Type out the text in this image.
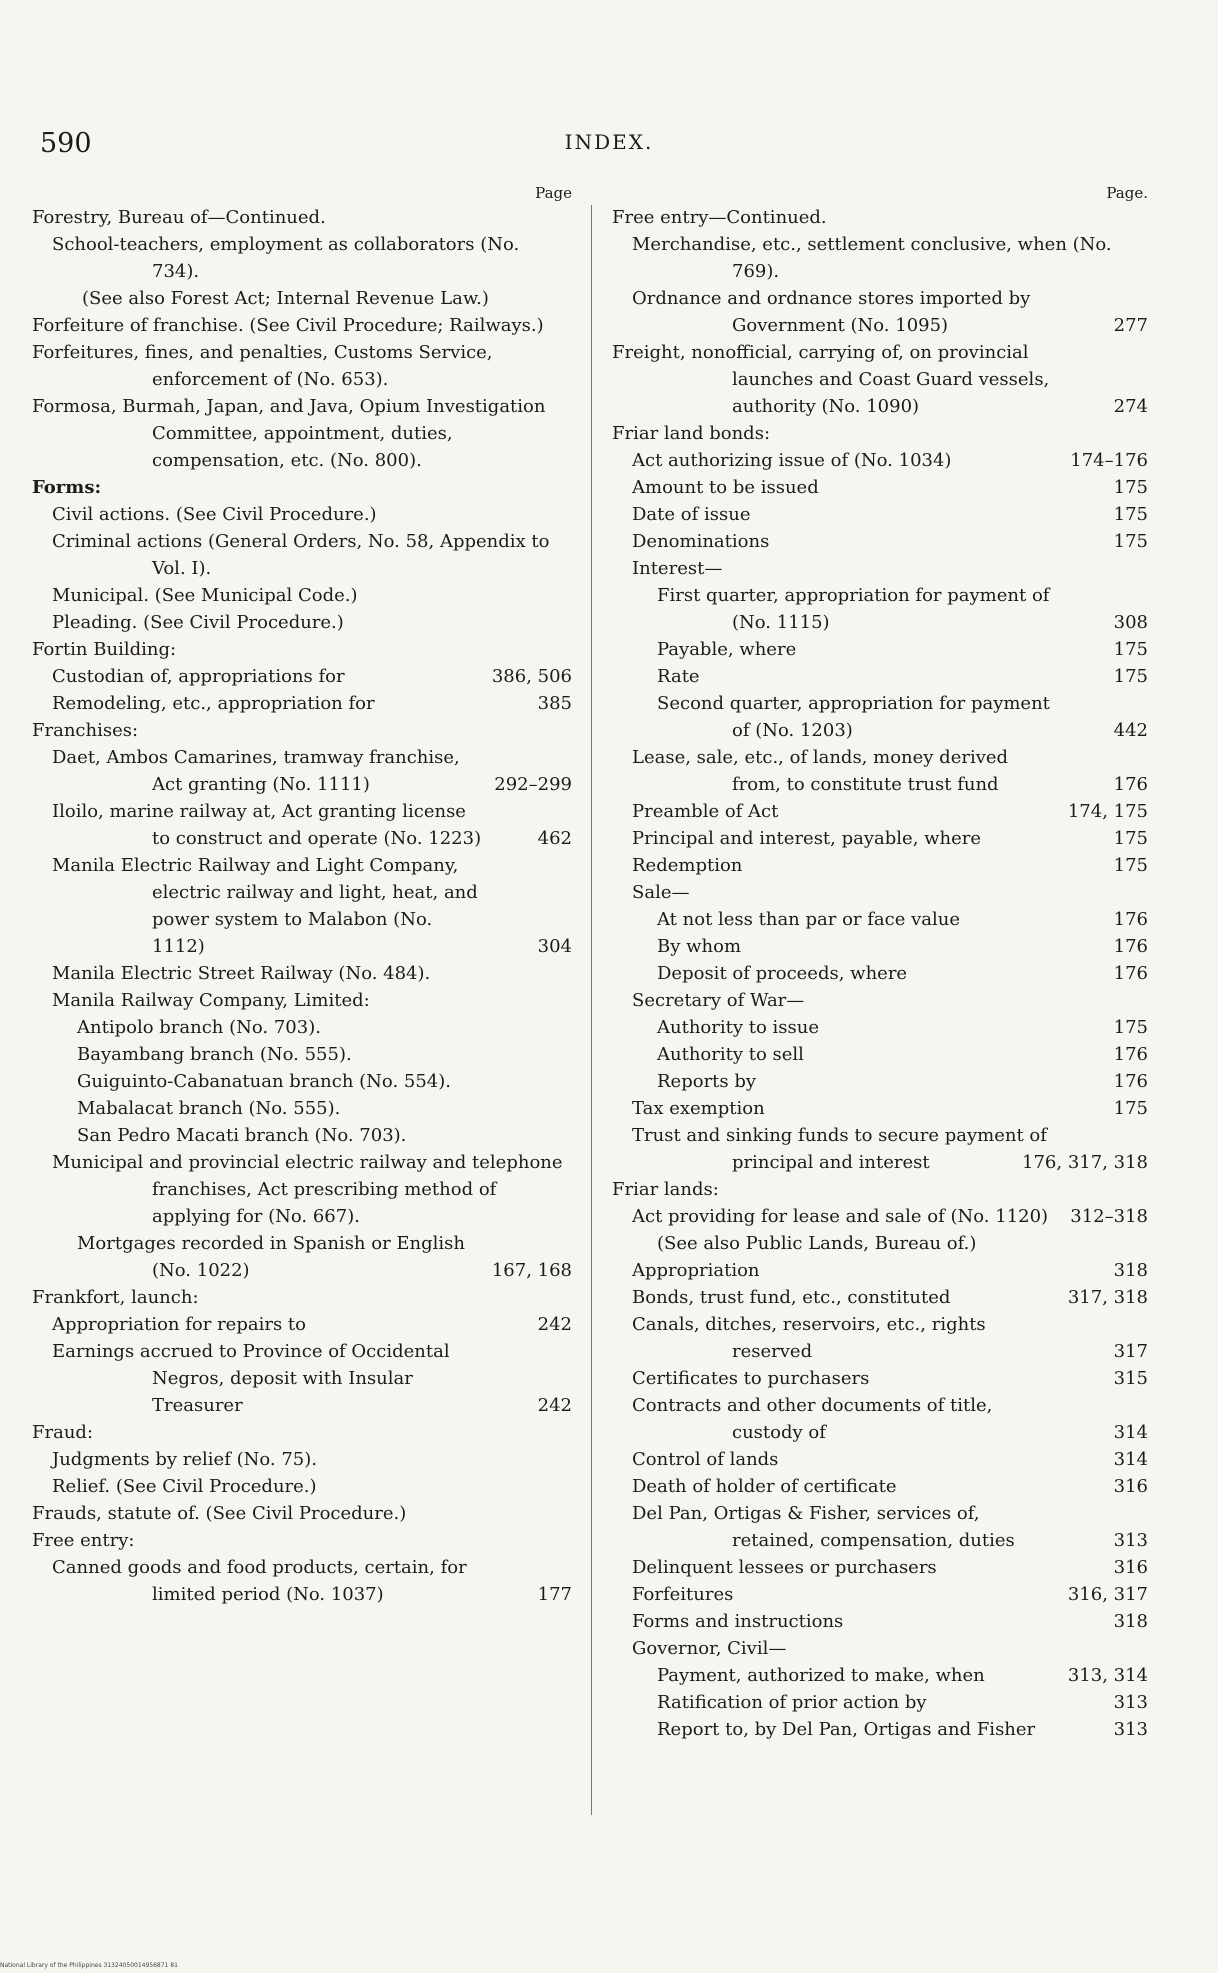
590	INDEX.
Page
Forestry, Bureau of—Continued.
School-teachers, employment as collaborators (No. 734).
(See also Forest Act; Internal Revenue Law.)
Forfeiture of franchise. (See Civil Procedure; Railways.)
Forfeitures, fines, and penalties, Customs Service, enforcement of (No. 653).
Formosa, Burmah, Japan, and Java, Opium Investigation Committee, appointment, duties, compensation, etc. (No. 800).
Forms:
Civil actions. (See Civil Procedure.)
Criminal actions (General Orders, No. 58, Appendix to Vol. I).
Municipal. (See Municipal Code.)
Pleading. (See Civil Procedure.)
Fortin Building:
Custodian of, appropriations for .....	386, 506
Remodeling, etc., appropriation for .....	385
Franchises:
Daet, Ambos Camarines, tramway franchise, Act granting (No. 1111) .....	292–299
Iloilo, marine railway at, Act granting license to construct and operate (No. 1223) .....	462
Manila Electric Railway and Light Company, electric railway and light, heat, and power system to Malabon (No. 1112) .....	304
Manila Electric Street Railway (No. 484).
Manila Railway Company, Limited:
Antipolo branch (No. 703).
Bayambang branch (No. 555).
Guiguinto-Cabanatuan branch (No. 554).
Mabalacat branch (No. 555).
San Pedro Macati branch (No. 703).
Municipal and provincial electric railway and telephone franchises, Act prescribing method of applying for (No. 667).
Mortgages recorded in Spanish or English (No. 1022) .....	167, 168
Frankfort, launch:
Appropriation for repairs to .....	242
Earnings accrued to Province of Occidental Negros, deposit with Insular Treasurer .....	242
Fraud:
Judgments by relief (No. 75).
Relief. (See Civil Procedure.)
Frauds, statute of. (See Civil Procedure.)
Free entry:
Canned goods and food products, certain, for limited period (No. 1037) .....	177
Page.
Free entry—Continued.
Merchandise, etc., settlement conclusive, when (No. 769).
Ordnance and ordnance stores imported by Government (No. 1095) .....	277
Freight, nonofficial, carrying of, on provincial launches and Coast Guard vessels, authority (No. 1090) .....	274
Friar land bonds:
Act authorizing issue of (No. 1034) .....	174–176
Amount to be issued .....	175
Date of issue .....	175
Denominations .....	175
Interest—
First quarter, appropriation for payment of (No. 1115) .....	308
Payable, where .....	175
Rate .....	175
Second quarter, appropriation for payment of (No. 1203) .....	442
Lease, sale, etc., of lands, money derived from, to constitute trust fund .....	176
Preamble of Act .....	174, 175
Principal and interest, payable, where .....	175
Redemption .....	175
Sale—
At not less than par or face value .....	176
By whom .....	176
Deposit of proceeds, where .....	176
Secretary of War—
Authority to issue .....	175
Authority to sell .....	176
Reports by .....	176
Tax exemption .....	175
Trust and sinking funds to secure payment of principal and interest .....	176, 317, 318
Friar lands:
Act providing for lease and sale of (No. 1120) .....	312–318
(See also Public Lands, Bureau of.)
Appropriation .....	318
Bonds, trust fund, etc., constituted .....	317, 318
Canals, ditches, reservoirs, etc., rights reserved .....	317
Certificates to purchasers .....	315
Contracts and other documents of title, custody of .....	314
Control of lands .....	314
Death of holder of certificate .....	316
Del Pan, Ortigas & Fisher, services of, retained, compensation, duties .....	313
Delinquent lessees or purchasers .....	316
Forfeitures .....	316, 317
Forms and instructions .....	318
Governor, Civil—
Payment, authorized to make, when .....	313, 314
Ratification of prior action by .....	313
Report to, by Del Pan, Ortigas and Fisher .....	313
National Library of the Philippines 31324050014956871 81
